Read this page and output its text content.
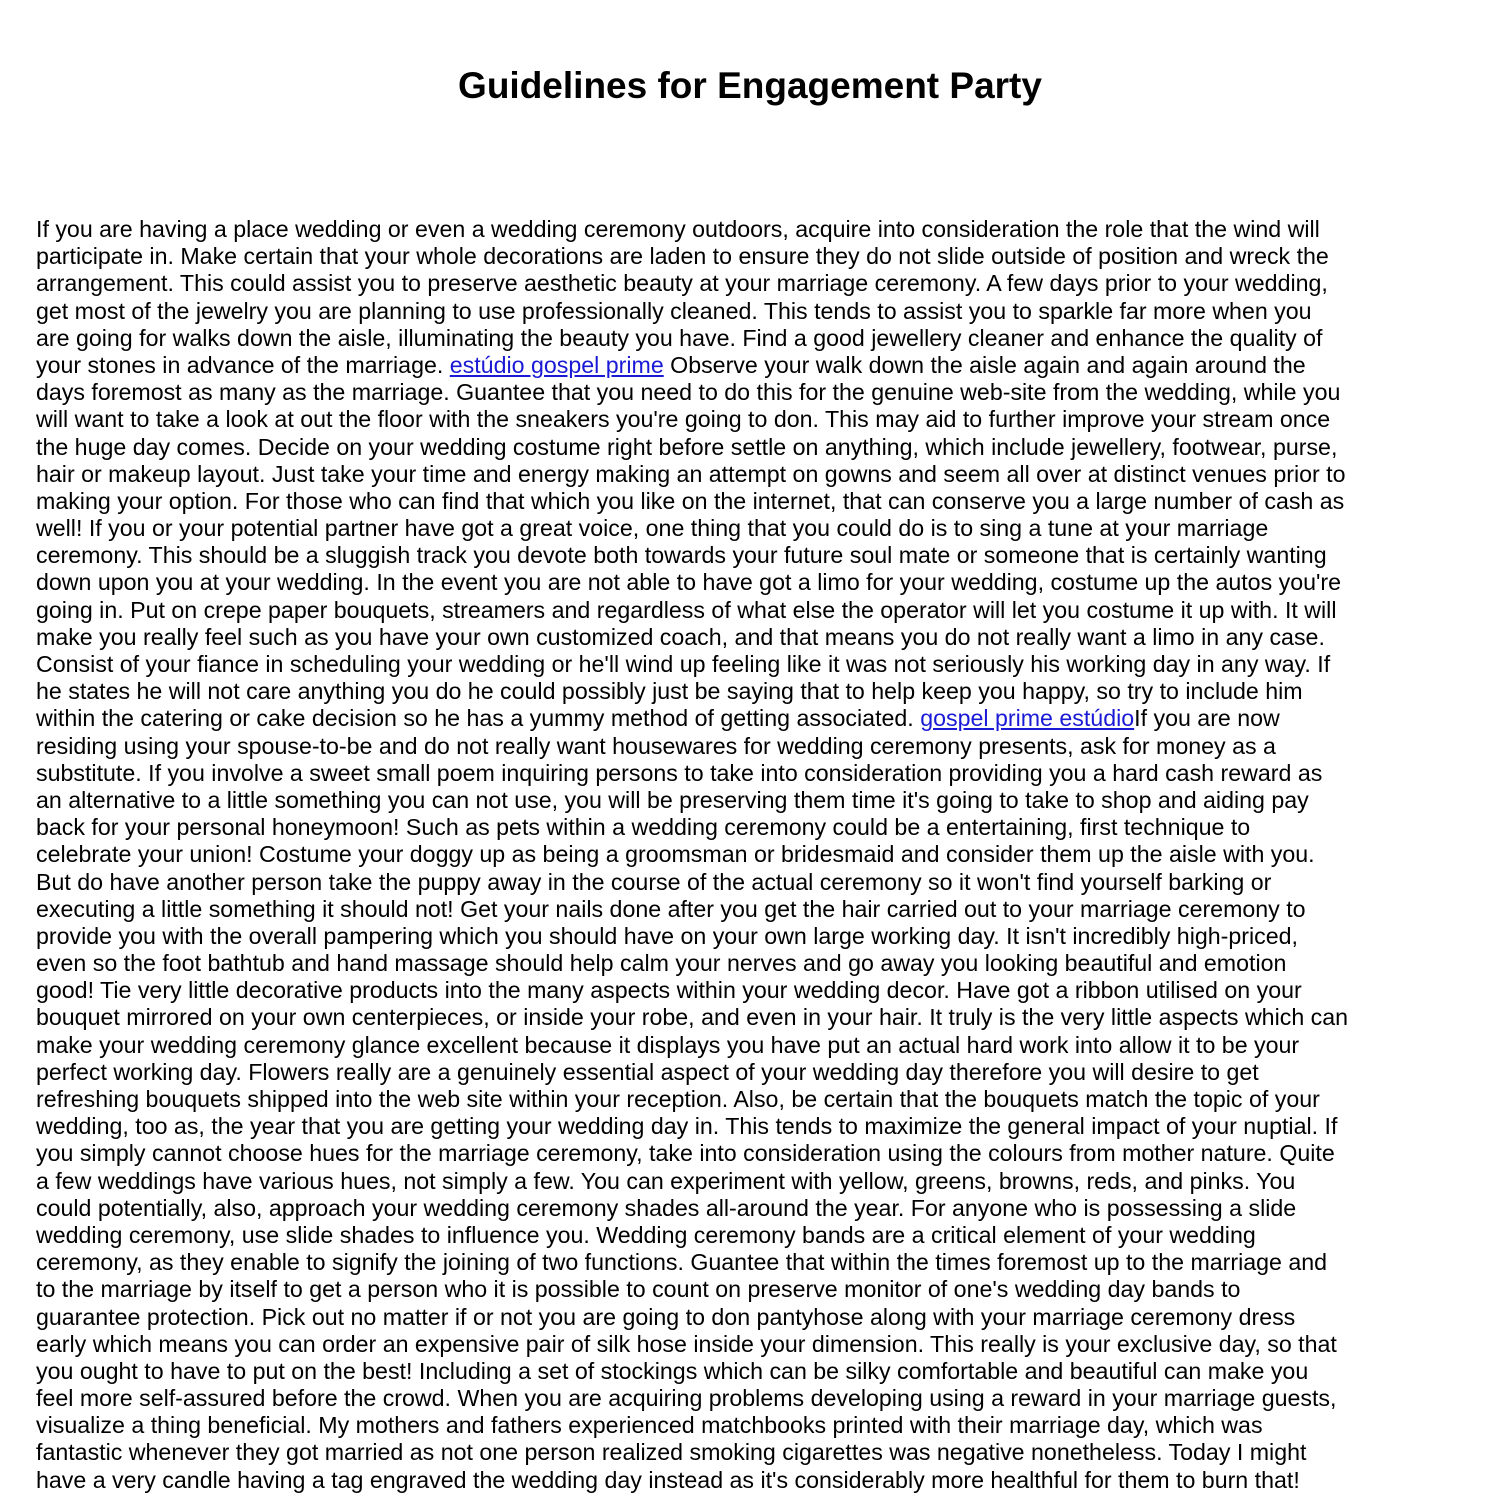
Guidelines for Engagement Party
If you are having a place wedding or even a wedding ceremony outdoors, acquire into consideration the role that the wind will
participate in. Make certain that your whole decorations are laden to ensure they do not slide outside of position and wreck the
arrangement. This could assist you to preserve aesthetic beauty at your marriage ceremony. A few days prior to your wedding,
get most of the jewelry you are planning to use professionally cleaned. This tends to assist you to sparkle far more when you
are going for walks down the aisle, illuminating the beauty you have. Find a good jewellery cleaner and enhance the quality of
your stones in advance of the marriage. estúdio gospel prime Observe your walk down the aisle again and again around the
days foremost as many as the marriage. Guantee that you need to do this for the genuine web-site from the wedding, while you
will want to take a look at out the floor with the sneakers you're going to don. This may aid to further improve your stream once
the huge day comes. Decide on your wedding costume right before settle on anything, which include jewellery, footwear, purse,
hair or makeup layout. Just take your time and energy making an attempt on gowns and seem all over at distinct venues prior to
making your option. For those who can find that which you like on the internet, that can conserve you a large number of cash as
well! If you or your potential partner have got a great voice, one thing that you could do is to sing a tune at your marriage
ceremony. This should be a sluggish track you devote both towards your future soul mate or someone that is certainly wanting
down upon you at your wedding. In the event you are not able to have got a limo for your wedding, costume up the autos you're
going in. Put on crepe paper bouquets, streamers and regardless of what else the operator will let you costume it up with. It will
make you really feel such as you have your own customized coach, and that means you do not really want a limo in any case.
Consist of your fiance in scheduling your wedding or he'll wind up feeling like it was not seriously his working day in any way. If
he states he will not care anything you do he could possibly just be saying that to help keep you happy, so try to include him
within the catering or cake decision so he has a yummy method of getting associated. gospel prime estúdioIf you are now
residing using your spouse-to-be and do not really want housewares for wedding ceremony presents, ask for money as a
substitute. If you involve a sweet small poem inquiring persons to take into consideration providing you a hard cash reward as
an alternative to a little something you can not use, you will be preserving them time it's going to take to shop and aiding pay
back for your personal honeymoon! Such as pets within a wedding ceremony could be a entertaining, first technique to
celebrate your union! Costume your doggy up as being a groomsman or bridesmaid and consider them up the aisle with you.
But do have another person take the puppy away in the course of the actual ceremony so it won't find yourself barking or
executing a little something it should not! Get your nails done after you get the hair carried out to your marriage ceremony to
provide you with the overall pampering which you should have on your own large working day. It isn't incredibly high-priced,
even so the foot bathtub and hand massage should help calm your nerves and go away you looking beautiful and emotion
good! Tie very little decorative products into the many aspects within your wedding decor. Have got a ribbon utilised on your
bouquet mirrored on your own centerpieces, or inside your robe, and even in your hair. It truly is the very little aspects which can
make your wedding ceremony glance excellent because it displays you have put an actual hard work into allow it to be your
perfect working day. Flowers really are a genuinely essential aspect of your wedding day therefore you will desire to get
refreshing bouquets shipped into the web site within your reception. Also, be certain that the bouquets match the topic of your
wedding, too as, the year that you are getting your wedding day in. This tends to maximize the general impact of your nuptial. If
you simply cannot choose hues for the marriage ceremony, take into consideration using the colours from mother nature. Quite
a few weddings have various hues, not simply a few. You can experiment with yellow, greens, browns, reds, and pinks. You
could potentially, also, approach your wedding ceremony shades all-around the year. For anyone who is possessing a slide
wedding ceremony, use slide shades to influence you. Wedding ceremony bands are a critical element of your wedding
ceremony, as they enable to signify the joining of two functions. Guantee that within the times foremost up to the marriage and
to the marriage by itself to get a person who it is possible to count on preserve monitor of one's wedding day bands to
guarantee protection. Pick out no matter if or not you are going to don pantyhose along with your marriage ceremony dress
early which means you can order an expensive pair of silk hose inside your dimension. This really is your exclusive day, so that
you ought to have to put on the best! Including a set of stockings which can be silky comfortable and beautiful can make you
feel more self-assured before the crowd. When you are acquiring problems developing using a reward in your marriage guests,
visualize a thing beneficial. My mothers and fathers experienced matchbooks printed with their marriage day, which was
fantastic whenever they got married as not one person realized smoking cigarettes was negative nonetheless. Today I might
have a very candle having a tag engraved the wedding day instead as it's considerably more healthful for them to burn that!
